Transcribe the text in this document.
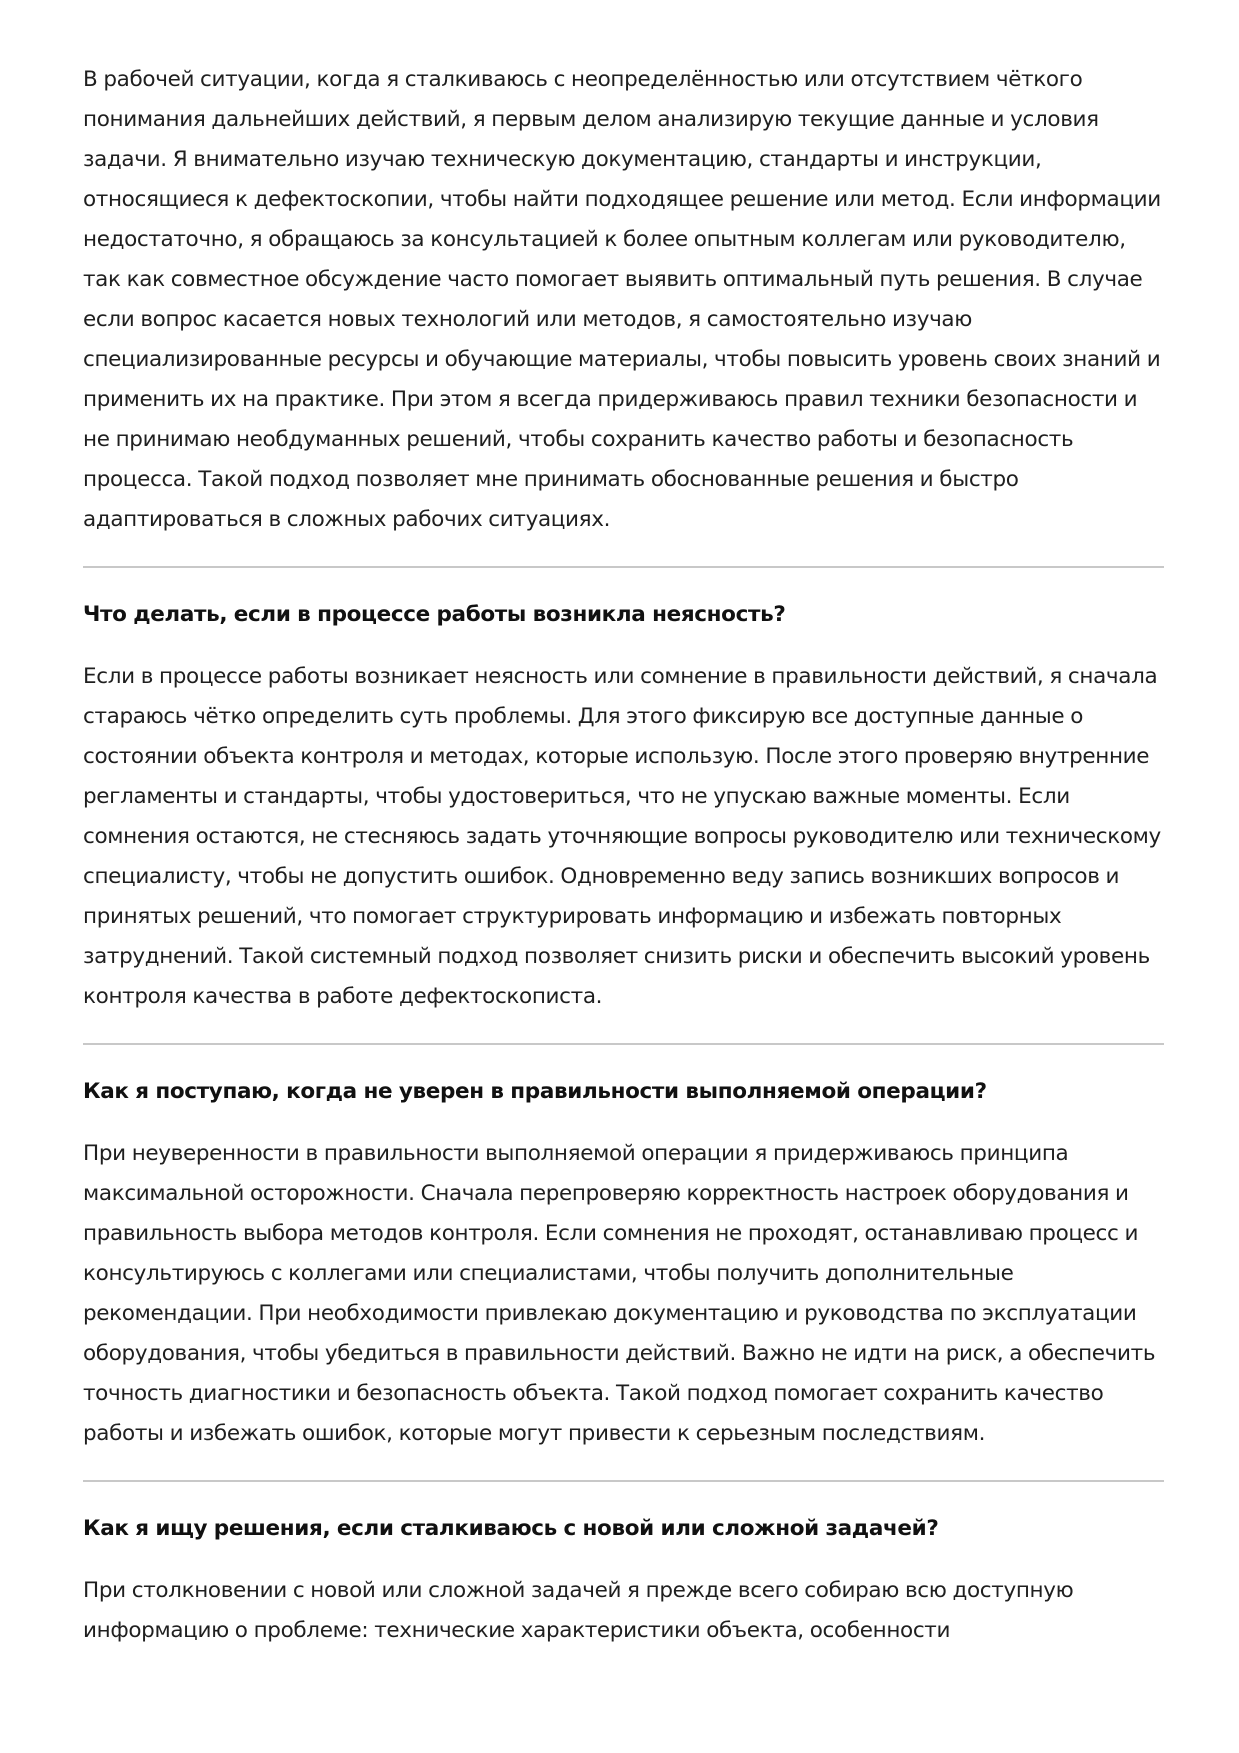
В рабочей ситуации, когда я сталкиваюсь с неопределённостью или отсутствием чёткого понимания дальнейших действий, я первым делом анализирую текущие данные и условия задачи. Я внимательно изучаю техническую документацию, стандарты и инструкции, относящиеся к дефектоскопии, чтобы найти подходящее решение или метод. Если информации недостаточно, я обращаюсь за консультацией к более опытным коллегам или руководителю, так как совместное обсуждение часто помогает выявить оптимальный путь решения. В случае если вопрос касается новых технологий или методов, я самостоятельно изучаю специализированные ресурсы и обучающие материалы, чтобы повысить уровень своих знаний и применить их на практике. При этом я всегда придерживаюсь правил техники безопасности и не принимаю необдуманных решений, чтобы сохранить качество работы и безопасность процесса. Такой подход позволяет мне принимать обоснованные решения и быстро адаптироваться в сложных рабочих ситуациях.

Что делать, если в процессе работы возникла неясность?

Если в процессе работы возникает неясность или сомнение в правильности действий, я сначала стараюсь чётко определить суть проблемы. Для этого фиксирую все доступные данные о состоянии объекта контроля и методах, которые использую. После этого проверяю внутренние регламенты и стандарты, чтобы удостовериться, что не упускаю важные моменты. Если сомнения остаются, не стесняюсь задать уточняющие вопросы руководителю или техническому специалисту, чтобы не допустить ошибок. Одновременно веду запись возникших вопросов и принятых решений, что помогает структурировать информацию и избежать повторных затруднений. Такой системный подход позволяет снизить риски и обеспечить высокий уровень контроля качества в работе дефектоскописта.

Как я поступаю, когда не уверен в правильности выполняемой операции?

При неуверенности в правильности выполняемой операции я придерживаюсь принципа максимальной осторожности. Сначала перепроверяю корректность настроек оборудования и правильность выбора методов контроля. Если сомнения не проходят, останавливаю процесс и консультируюсь с коллегами или специалистами, чтобы получить дополнительные рекомендации. При необходимости привлекаю документацию и руководства по эксплуатации оборудования, чтобы убедиться в правильности действий. Важно не идти на риск, а обеспечить точность диагностики и безопасность объекта. Такой подход помогает сохранить качество работы и избежать ошибок, которые могут привести к серьезным последствиям.

Как я ищу решения, если сталкиваюсь с новой или сложной задачей?

При столкновении с новой или сложной задачей я прежде всего собираю всю доступную информацию о проблеме: технические характеристики объекта, особенности
